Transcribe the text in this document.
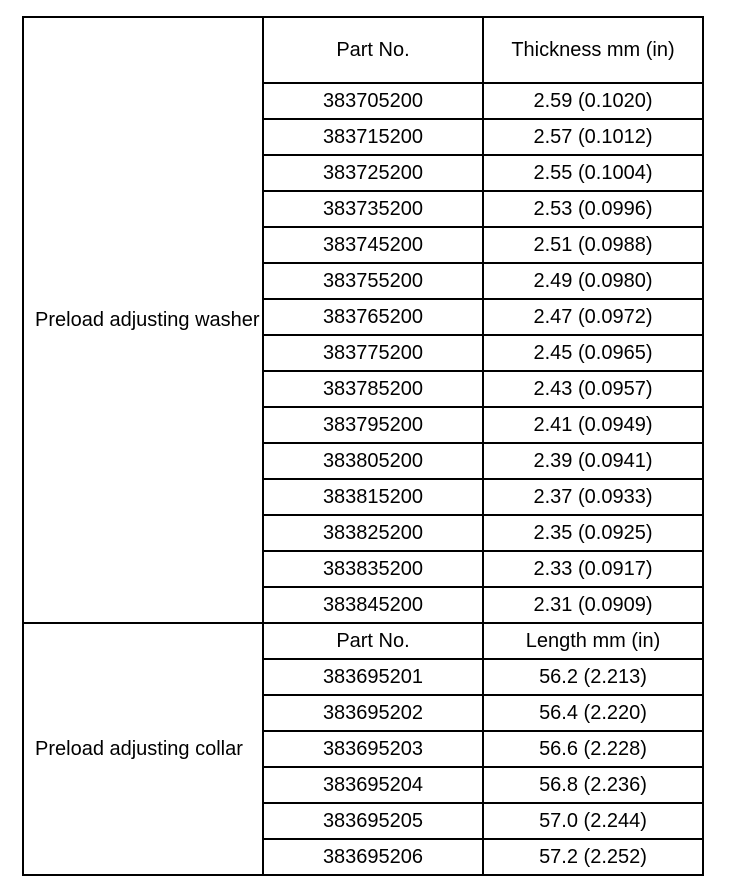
Preload adjusting washer	Part No.	Thickness mm (in)
	383705200	2.59 (0.1020)
	383715200	2.57 (0.1012)
	383725200	2.55 (0.1004)
	383735200	2.53 (0.0996)
	383745200	2.51 (0.0988)
	383755200	2.49 (0.0980)
	383765200	2.47 (0.0972)
	383775200	2.45 (0.0965)
	383785200	2.43 (0.0957)
	383795200	2.41 (0.0949)
	383805200	2.39 (0.0941)
	383815200	2.37 (0.0933)
	383825200	2.35 (0.0925)
	383835200	2.33 (0.0917)
	383845200	2.31 (0.0909)
Preload adjusting collar	Part No.	Length mm (in)
	383695201	56.2 (2.213)
	383695202	56.4 (2.220)
	383695203	56.6 (2.228)
	383695204	56.8 (2.236)
	383695205	57.0 (2.244)
	383695206	57.2 (2.252)
